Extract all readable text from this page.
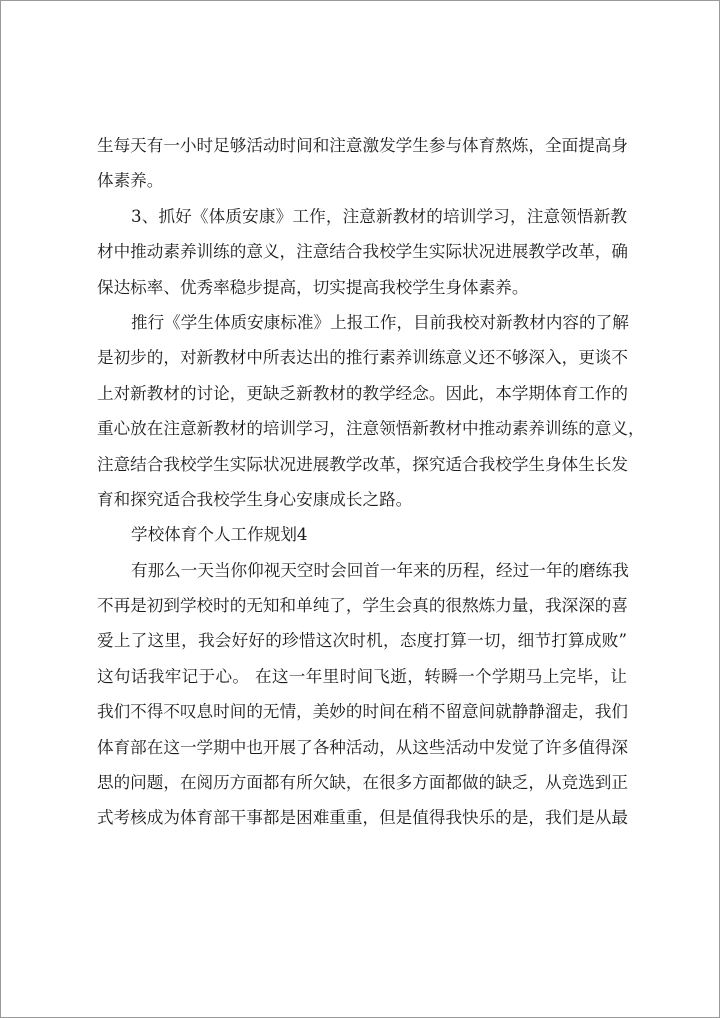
生每天有一小时足够活动时间和注意激发学生参与体育熬炼，全面提高身
体素养。
3、抓好《体质安康》工作，注意新教材的培训学习，注意领悟新教
材中推动素养训练的意义，注意结合我校学生实际状况进展教学改革，确
保达标率、优秀率稳步提高，切实提高我校学生身体素养。
推行《学生体质安康标准》上报工作，目前我校对新教材内容的了解
是初步的，对新教材中所表达出的推行素养训练意义还不够深入，更谈不
上对新教材的讨论，更缺乏新教材的教学经念。因此，本学期体育工作的
重心放在注意新教材的培训学习，注意领悟新教材中推动素养训练的意义，
注意结合我校学生实际状况进展教学改革，探究适合我校学生身体生长发
育和探究适合我校学生身心安康成长之路。
学校体育个人工作规划4
有那么一天当你仰视天空时会回首一年来的历程，经过一年的磨练我
不再是初到学校时的无知和单纯了，学生会真的很熬炼力量，我深深的喜
爱上了这里，我会好好的珍惜这次时机，态度打算一切，细节打算成败”
这句话我牢记于心。 在这一年里时间飞逝，转瞬一个学期马上完毕，让
我们不得不叹息时间的无情，美妙的时间在稍不留意间就静静溜走，我们
体育部在这一学期中也开展了各种活动，从这些活动中发觉了许多值得深
思的问题，在阅历方面都有所欠缺，在很多方面都做的缺乏，从竞选到正
式考核成为体育部干事都是困难重重，但是值得我快乐的是，我们是从最
